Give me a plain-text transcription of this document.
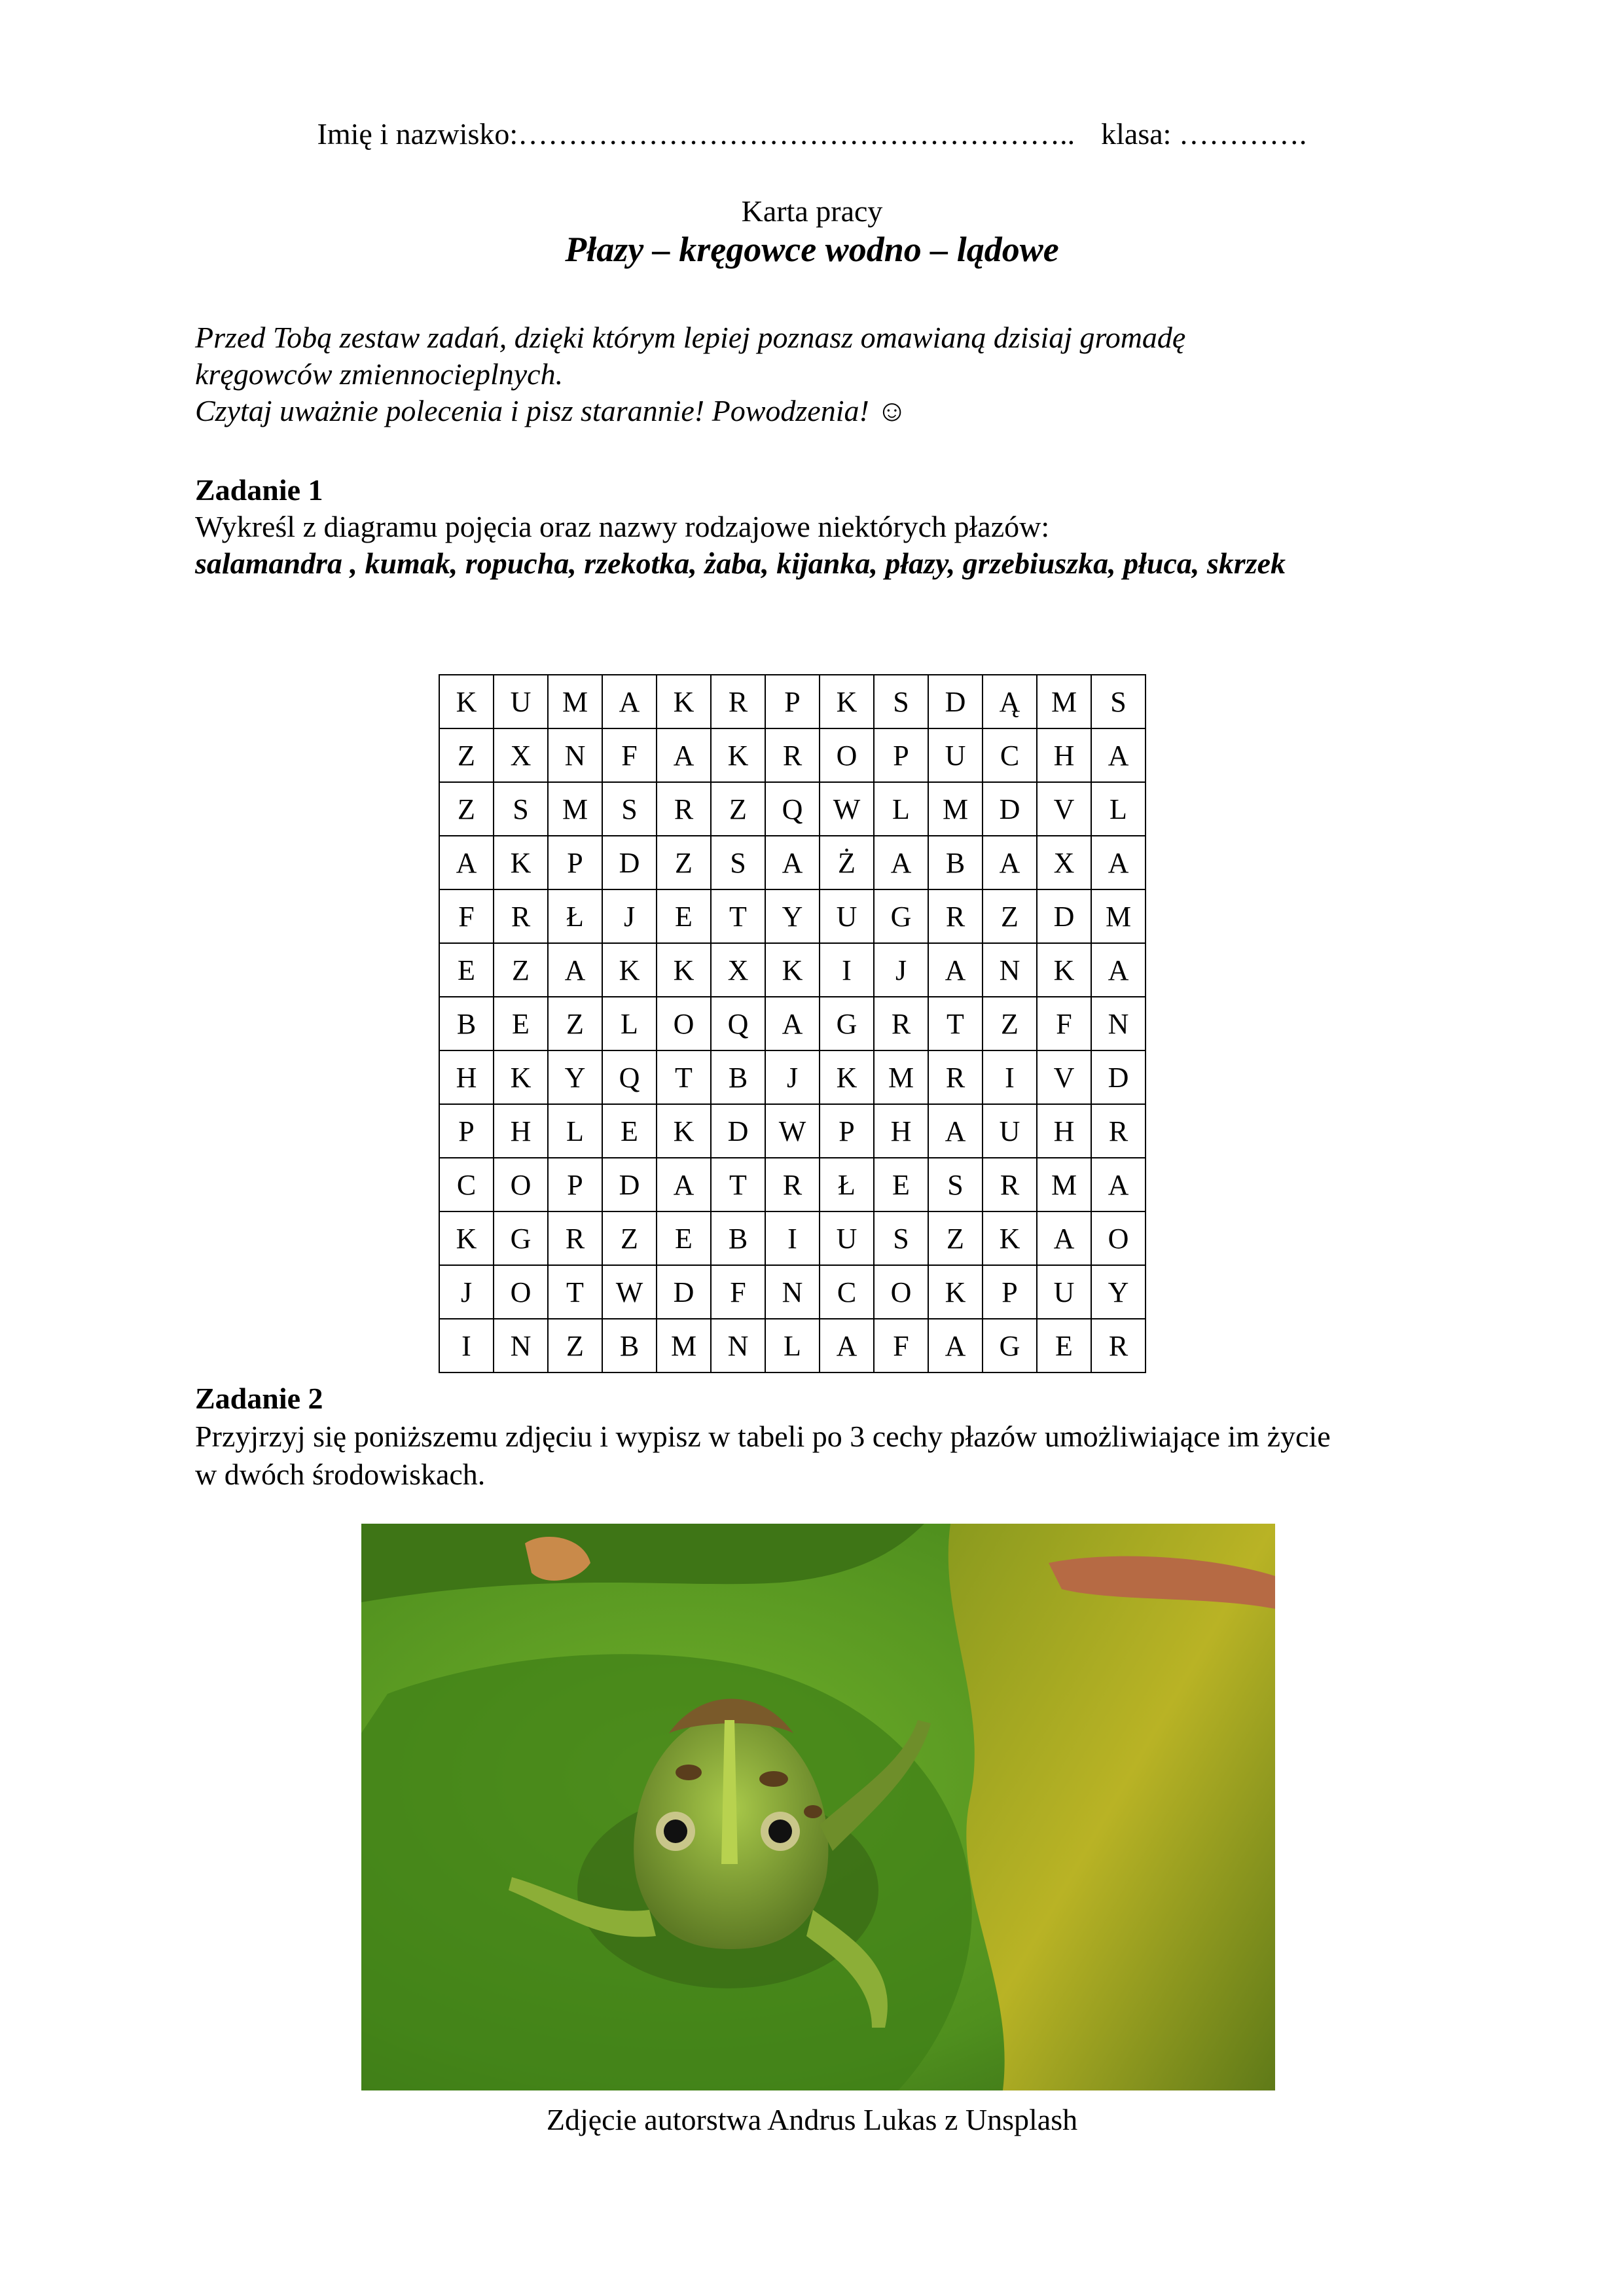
Imię i nazwisko:……………………………………………….. klasa: ………….
Karta pracy
Płazy – kręgowce wodno – lądowe
Przed Tobą zestaw zadań, dzięki którym lepiej poznasz omawianą dzisiaj gromadę
kręgowców zmiennocieplnych.
Czytaj uważnie polecenia i pisz starannie! Powodzenia! ☺
Zadanie 1
Wykreśl z diagramu pojęcia oraz nazwy rodzajowe niektórych płazów:
salamandra , kumak, ropucha, rzekotka, żaba, kijanka, płazy, grzebiuszka, płuca, skrzek
K	U	M	A	K	R	P	K	S	D	Ą	M	S
Z	X	N	F	A	K	R	O	P	U	C	H	A
Z	S	M	S	R	Z	Q	W	L	M	D	V	L
A	K	P	D	Z	S	A	Ż	A	B	A	X	A
F	R	Ł	J	E	T	Y	U	G	R	Z	D	M
E	Z	A	K	K	X	K	I	J	A	N	K	A
B	E	Z	L	O	Q	A	G	R	T	Z	F	N
H	K	Y	Q	T	B	J	K	M	R	I	V	D
P	H	L	E	K	D	W	P	H	A	U	H	R
C	O	P	D	A	T	R	Ł	E	S	R	M	A
K	G	R	Z	E	B	I	U	S	Z	K	A	O
J	O	T	W	D	F	N	C	O	K	P	U	Y
I	N	Z	B	M	N	L	A	F	A	G	E	R
Zadanie 2
Przyjrzyj się poniższemu zdjęciu i wypisz w tabeli po 3 cechy płazów umożliwiające im życie
w dwóch środowiskach.
Zdjęcie autorstwa Andrus Lukas z Unsplash
